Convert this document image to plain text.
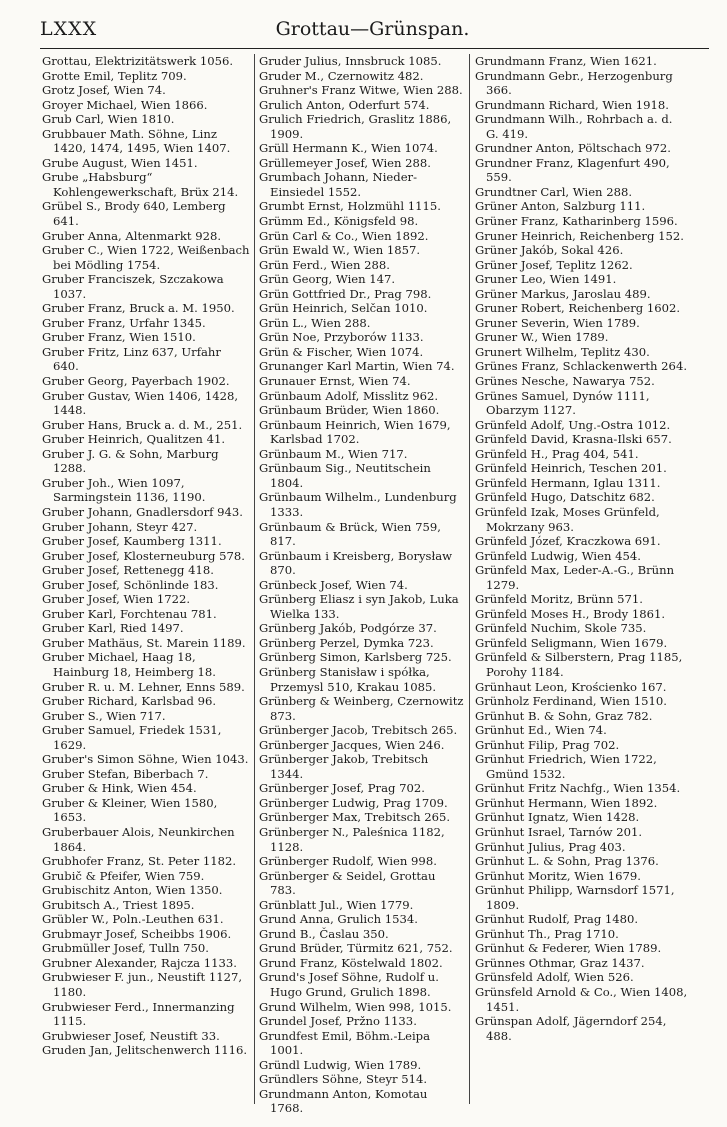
LXXX	Grottau—Grünspan.
Grottau, Elektrizitätswerk 1056.
Grotte Emil, Teplitz 709.
Grotz Josef, Wien 74.
Groyer Michael, Wien 1866.
Grub Carl, Wien 1810.
Grubbauer Math. Söhne, Linz 1420, 1474, 1495, Wien 1407.
Grube August, Wien 1451.
Grube „Habsburg“ Kohlengewerkschaft, Brüx 214.
Grübel S., Brody 640, Lemberg 641.
Gruber Anna, Altenmarkt 928.
Gruber C., Wien 1722, Weißenbach bei Mödling 1754.
Gruber Franciszek, Szczakowa 1037.
Gruber Franz, Bruck a. M. 1950.
Gruber Franz, Urfahr 1345.
Gruber Franz, Wien 1510.
Gruber Fritz, Linz 637, Urfahr 640.
Gruber Georg, Payerbach 1902.
Gruber Gustav, Wien 1406, 1428, 1448.
Gruber Hans, Bruck a. d. M., 251.
Gruber Heinrich, Qualitzen 41.
Gruber J. G. & Sohn, Marburg 1288.
Gruber Joh., Wien 1097, Sarmingstein 1136, 1190.
Gruber Johann, Gnadlersdorf 943.
Gruber Johann, Steyr 427.
Gruber Josef, Kaumberg 1311.
Gruber Josef, Klosterneuburg 578.
Gruber Josef, Rettenegg 418.
Gruber Josef, Schönlinde 183.
Gruber Josef, Wien 1722.
Gruber Karl, Forchtenau 781.
Gruber Karl, Ried 1497.
Gruber Mathäus, St. Marein 1189.
Gruber Michael, Haag 18, Hainburg 18, Heimberg 18.
Gruber R. u. M. Lehner, Enns 589.
Gruber Richard, Karlsbad 96.
Gruber S., Wien 717.
Gruber Samuel, Friedek 1531, 1629.
Gruber's Simon Söhne, Wien 1043.
Gruber Stefan, Biberbach 7.
Gruber & Hink, Wien 454.
Gruber & Kleiner, Wien 1580, 1653.
Gruberbauer Alois, Neunkirchen 1864.
Grubhofer Franz, St. Peter 1182.
Grubič & Pfeifer, Wien 759.
Grubischitz Anton, Wien 1350.
Grubitsch A., Triest 1895.
Grübler W., Poln.-Leuthen 631.
Grubmayr Josef, Scheibbs 1906.
Grubmüller Josef, Tulln 750.
Grubner Alexander, Rajcza 1133.
Grubwieser F. jun., Neustift 1127, 1180.
Grubwieser Ferd., Innermanzing 1115.
Grubwieser Josef, Neustift 33.
Gruden Jan, Jelitschenwerch 1116.
Gruder Julius, Innsbruck 1085.
Gruder M., Czernowitz 482.
Gruhner's Franz Witwe, Wien 288.
Grulich Anton, Oderfurt 574.
Grulich Friedrich, Graslitz 1886, 1909.
Grüll Hermann K., Wien 1074.
Grüllemeyer Josef, Wien 288.
Grumbach Johann, Nieder-Einsiedel 1552.
Grumbt Ernst, Holzmühl 1115.
Grümm Ed., Königsfeld 98.
Grün Carl & Co., Wien 1892.
Grün Ewald W., Wien 1857.
Grün Ferd., Wien 288.
Grün Georg, Wien 147.
Grün Gottfried Dr., Prag 798.
Grün Heinrich, Selčan 1010.
Grün L., Wien 288.
Grün Noe, Przyborów 1133.
Grün & Fischer, Wien 1074.
Grunanger Karl Martin, Wien 74.
Grunauer Ernst, Wien 74.
Grünbaum Adolf, Misslitz 962.
Grünbaum Brüder, Wien 1860.
Grünbaum Heinrich, Wien 1679, Karlsbad 1702.
Grünbaum M., Wien 717.
Grünbaum Sig., Neutitschein 1804.
Grünbaum Wilhelm., Lundenburg 1333.
Grünbaum & Brück, Wien 759, 817.
Grünbaum i Kreisberg, Borysław 870.
Grünbeck Josef, Wien 74.
Grünberg Eliasz i syn Jakob, Luka Wielka 133.
Grünberg Jakób, Podgórze 37.
Grünberg Perzel, Dymka 723.
Grünberg Simon, Karlsberg 725.
Grünberg Stanisław i spółka, Przemysl 510, Krakau 1085.
Grünberg & Weinberg, Czernowitz 873.
Grünberger Jacob, Trebitsch 265.
Grünberger Jacques, Wien 246.
Grünberger Jakob, Trebitsch 1344.
Grünberger Josef, Prag 702.
Grünberger Ludwig, Prag 1709.
Grünberger Max, Trebitsch 265.
Grünberger N., Paleśnica 1182, 1128.
Grünberger Rudolf, Wien 998.
Grünberger & Seidel, Grottau 783.
Grünblatt Jul., Wien 1779.
Grund Anna, Grulich 1534.
Grund B., Časlau 350.
Grund Brüder, Türmitz 621, 752.
Grund Franz, Köstelwald 1802.
Grund's Josef Söhne, Rudolf u. Hugo Grund, Grulich 1898.
Grund Wilhelm, Wien 998, 1015.
Grundel Josef, Pržno 1133.
Grundfest Emil, Böhm.-Leipa 1001.
Gründl Ludwig, Wien 1789.
Gründlers Söhne, Steyr 514.
Grundmann Anton, Komotau 1768.
Grundmann Franz, Wien 1621.
Grundmann Gebr., Herzogenburg 366.
Grundmann Richard, Wien 1918.
Grundmann Wilh., Rohrbach a. d. G. 419.
Grundner Anton, Pöltschach 972.
Grundner Franz, Klagenfurt 490, 559.
Grundtner Carl, Wien 288.
Grüner Anton, Salzburg 111.
Grüner Franz, Katharinberg 1596.
Gruner Heinrich, Reichenberg 152.
Grüner Jakób, Sokal 426.
Grüner Josef, Teplitz 1262.
Gruner Leo, Wien 1491.
Grüner Markus, Jaroslau 489.
Gruner Robert, Reichenberg 1602.
Gruner Severin, Wien 1789.
Gruner W., Wien 1789.
Grunert Wilhelm, Teplitz 430.
Grünes Franz, Schlackenwerth 264.
Grünes Nesche, Nawarya 752.
Grünes Samuel, Dynów 1111, Obarzym 1127.
Grünfeld Adolf, Ung.-Ostra 1012.
Grünfeld David, Krasna-Ilski 657.
Grünfeld H., Prag 404, 541.
Grünfeld Heinrich, Teschen 201.
Grünfeld Hermann, Iglau 1311.
Grünfeld Hugo, Datschitz 682.
Grünfeld Izak, Moses Grünfeld, Mokrzany 963.
Grünfeld Józef, Kraczkowa 691.
Grünfeld Ludwig, Wien 454.
Grünfeld Max, Leder-A.-G., Brünn 1279.
Grünfeld Moritz, Brünn 571.
Grünfeld Moses H., Brody 1861.
Grünfeld Nuchim, Skole 735.
Grünfeld Seligmann, Wien 1679.
Grünfeld & Silberstern, Prag 1185, Porohy 1184.
Grünhaut Leon, Krościenko 167.
Grünholz Ferdinand, Wien 1510.
Grünhut B. & Sohn, Graz 782.
Grünhut Ed., Wien 74.
Grünhut Filip, Prag 702.
Grünhut Friedrich, Wien 1722, Gmünd 1532.
Grünhut Fritz Nachfg., Wien 1354.
Grünhut Hermann, Wien 1892.
Grünhut Ignatz, Wien 1428.
Grünhut Israel, Tarnów 201.
Grünhut Julius, Prag 403.
Grünhut L. & Sohn, Prag 1376.
Grünhut Moritz, Wien 1679.
Grünhut Philipp, Warnsdorf 1571, 1809.
Grünhut Rudolf, Prag 1480.
Grünhut Th., Prag 1710.
Grünhut & Federer, Wien 1789.
Grünnes Othmar, Graz 1437.
Grünsfeld Adolf, Wien 526.
Grünsfeld Arnold & Co., Wien 1408, 1451.
Grünspan Adolf, Jägerndorf 254, 488.
